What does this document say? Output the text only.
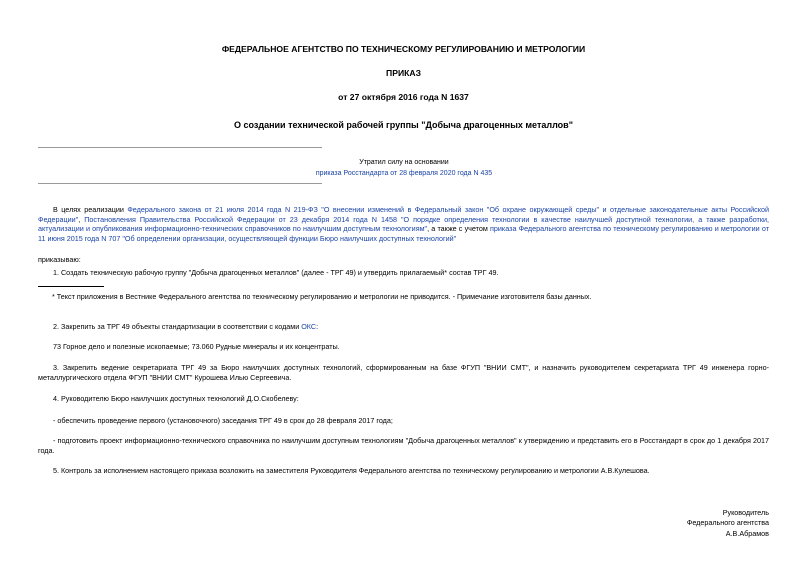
ФЕДЕРАЛЬНОЕ АГЕНТСТВО ПО ТЕХНИЧЕСКОМУ РЕГУЛИРОВАНИЮ И МЕТРОЛОГИИ
ПРИКАЗ
от 27 октября 2016 года N 1637
О создании технической рабочей группы "Добыча драгоценных металлов"
Утратил силу на основании
приказа Росстандарта от 28 февраля 2020 года N 435
В целях реализации Федерального закона от 21 июля 2014 года N 219-ФЗ "О внесении изменений в Федеральный закон "Об охране окружающей среды" и отдельные законодательные акты Российской Федерации", Постановления Правительства Российской Федерации от 23 декабря 2014 года N 1458 "О порядке определения технологии в качестве наилучшей доступной технологии, а также разработки, актуализации и опубликования информационно-технических справочников по наилучшим доступным технологиям", а также с учетом приказа Федерального агентства по техническому регулированию и метрологии от 11 июня 2015 года N 707 "Об определении организации, осуществляющей функции Бюро наилучших доступных технологий"
приказываю:
1. Создать техническую рабочую группу "Добыча драгоценных металлов" (далее - ТРГ 49) и утвердить прилагаемый* состав ТРГ 49.
* Текст приложения в Вестнике Федерального агентства по техническому регулированию и метрологии не приводится. - Примечание изготовителя базы данных.
2. Закрепить за ТРГ 49 объекты стандартизации в соответствии с кодами ОКС:
73 Горное дело и полезные ископаемые; 73.060 Рудные минералы и их концентраты.
3. Закрепить ведение секретариата ТРГ 49 за Бюро наилучших доступных технологий, сформированным на базе ФГУП "ВНИИ СМТ", и назначить руководителем секретариата ТРГ 49 инженера горно-металлургического отдела ФГУП "ВНИИ СМТ" Курошева Илью Сергеевича.
4. Руководителю Бюро наилучших доступных технологий Д.О.Скобелеву:
- обеспечить проведение первого (установочного) заседания ТРГ 49 в срок до 28 февраля 2017 года;
- подготовить проект информационно-технического справочника по наилучшим доступным технологиям "Добыча драгоценных металлов" к утверждению и представить его в Росстандарт в срок до 1 декабря 2017 года.
5. Контроль за исполнением настоящего приказа возложить на заместителя Руководителя Федерального агентства по техническому регулированию и метрологии А.В.Кулешова.
Руководитель
Федерального агентства
А.В.Абрамов
